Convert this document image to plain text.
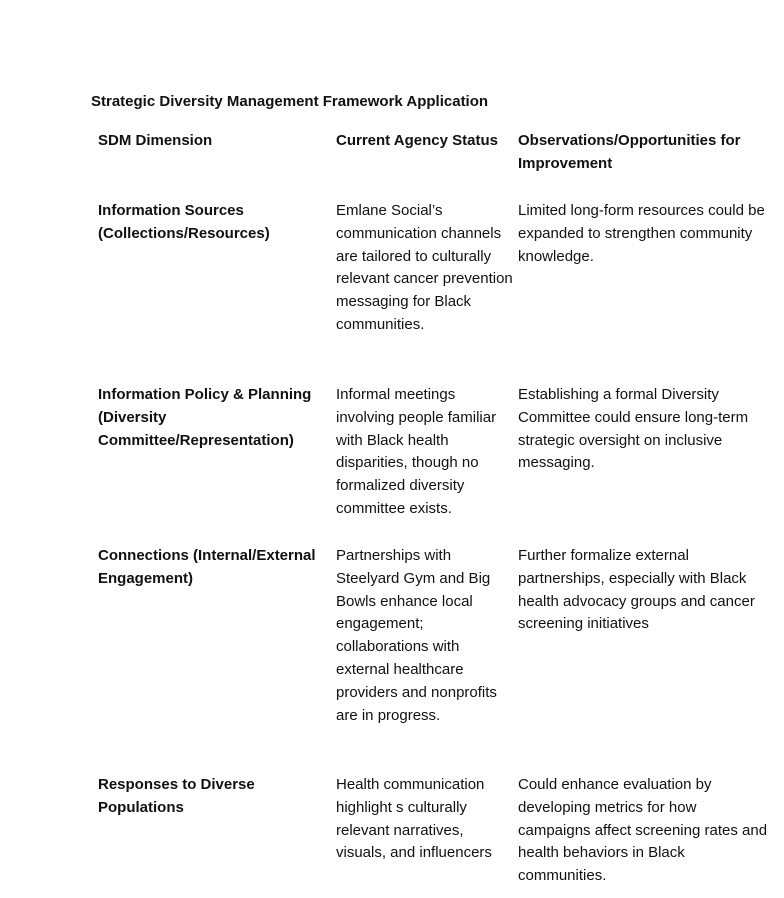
Strategic Diversity Management Framework Application
SDM Dimension	Current Agency Status	Observations/Opportunities for Improvement
Information Sources (Collections/Resources)
Emlane Social’s communication channels are tailored to culturally relevant cancer prevention messaging for Black communities.
Limited long-form resources could be expanded to strengthen community knowledge.
Information Policy & Planning (Diversity Committee/Representation)
Informal meetings involving people familiar with Black health disparities, though no formalized diversity committee exists.
Establishing a formal Diversity Committee could ensure long-term strategic oversight on inclusive messaging.
Connections (Internal/External Engagement)
Partnerships with Steelyard Gym and Big Bowls enhance local engagement; collaborations with external healthcare providers and nonprofits are in progress.
Further formalize external partnerships, especially with Black health advocacy groups and cancer screening initiatives
Responses to Diverse Populations
Health communication highlight s culturally relevant narratives, visuals, and influencers
Could enhance evaluation by developing metrics for how campaigns affect screening rates and health behaviors in Black communities.
